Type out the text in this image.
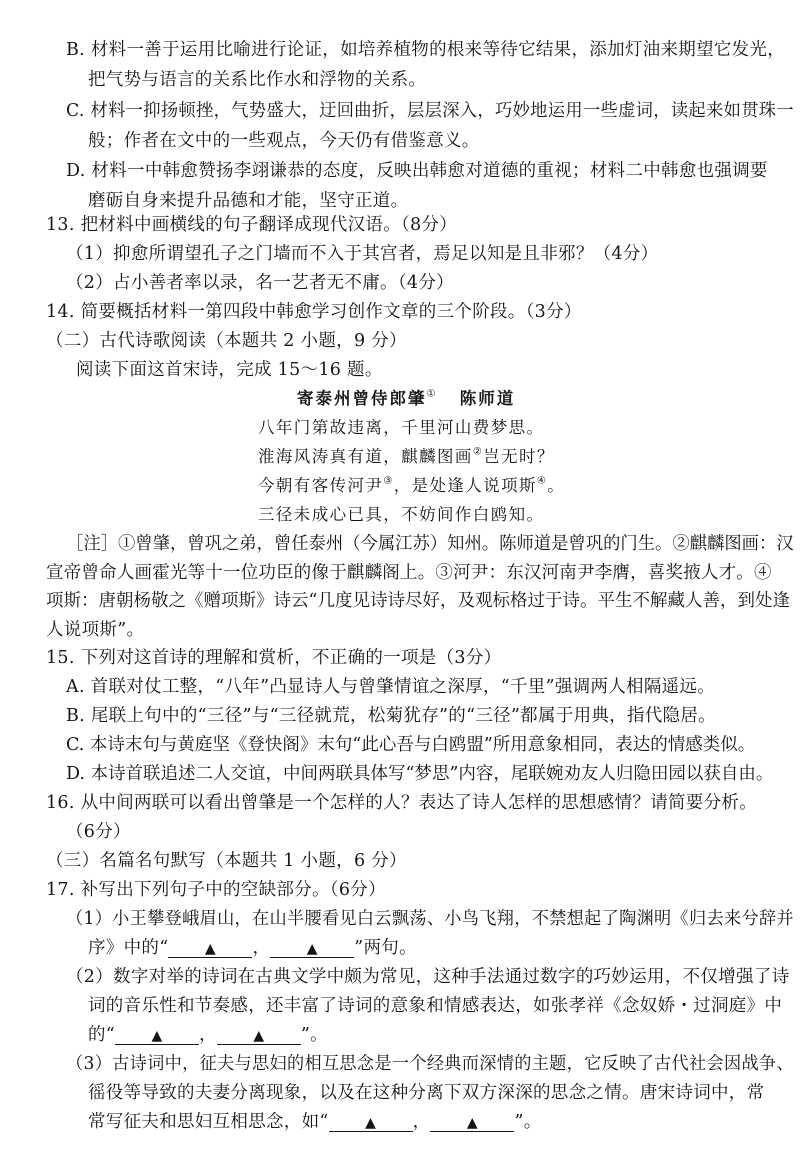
B. 材料一善于运用比喻进行论证，如培养植物的根来等待它结果，添加灯油来期望它发光，
把气势与语言的关系比作水和浮物的关系。
C. 材料一抑扬顿挫，气势盛大，迂回曲折，层层深入，巧妙地运用一些虚词，读起来如贯珠一
般；作者在文中的一些观点，今天仍有借鉴意义。
D. 材料一中韩愈赞扬李翊谦恭的态度，反映出韩愈对道德的重视；材料二中韩愈也强调要
磨砺自身来提升品德和才能，坚守正道。
13. 把材料中画横线的句子翻译成现代汉语。（8分）
（1）抑愈所谓望孔子之门墙而不入于其宫者，焉足以知是且非邪？（4分）
（2）占小善者率以录，名一艺者无不庸。（4分）
14. 简要概括材料一第四段中韩愈学习创作文章的三个阶段。（3分）
（二）古代诗歌阅读（本题共 2 小题，9 分）
阅读下面这首宋诗，完成 15～16 题。
寄泰州曾侍郎肇① 陈师道
八年门第故违离，千里河山费梦思。
淮海风涛真有道，麒麟图画②岂无时？
今朝有客传河尹③，是处逢人说项斯④。
三径未成心已具，不妨间作白鸥知。
［注］①曾肇，曾巩之弟，曾任泰州（今属江苏）知州。陈师道是曾巩的门生。②麒麟图画：汉
宣帝曾命人画霍光等十一位功臣的像于麒麟阁上。③河尹：东汉河南尹李膺，喜奖掖人才。④
项斯：唐朝杨敬之《赠项斯》诗云“几度见诗诗尽好，及观标格过于诗。平生不解藏人善，到处逢
人说项斯”。
15. 下列对这首诗的理解和赏析，不正确的一项是（3分）
A. 首联对仗工整，“八年”凸显诗人与曾肇情谊之深厚，“千里”强调两人相隔遥远。
B. 尾联上句中的“三径”与“三径就荒，松菊犹存”的“三径”都属于用典，指代隐居。
C. 本诗末句与黄庭坚《登快阁》末句“此心吾与白鸥盟”所用意象相同，表达的情感类似。
D. 本诗首联追述二人交谊，中间两联具体写“梦思”内容，尾联婉劝友人归隐田园以获自由。
16. 从中间两联可以看出曾肇是一个怎样的人？表达了诗人怎样的思想感情？请简要分析。
（6分）
（三）名篇名句默写（本题共 1 小题，6 分）
17. 补写出下列句子中的空缺部分。（6分）
（1）小王攀登峨眉山，在山半腰看见白云飘荡、小鸟飞翔，不禁想起了陶渊明《归去来兮辞并
序》中的“	▲ ，	▲ ”两句。
（2）数字对举的诗词在古典文学中颇为常见，这种手法通过数字的巧妙运用，不仅增强了诗
词的音乐性和节奏感，还丰富了诗词的意象和情感表达，如张孝祥《念奴娇・过洞庭》中
的“	▲ ，	▲ ”。
（3）古诗词中，征夫与思妇的相互思念是一个经典而深情的主题，它反映了古代社会因战争、
徭役等导致的夫妻分离现象，以及在这种分离下双方深深的思念之情。唐宋诗词中，常
常写征夫和思妇互相思念，如“	▲ ，	▲ ”。
